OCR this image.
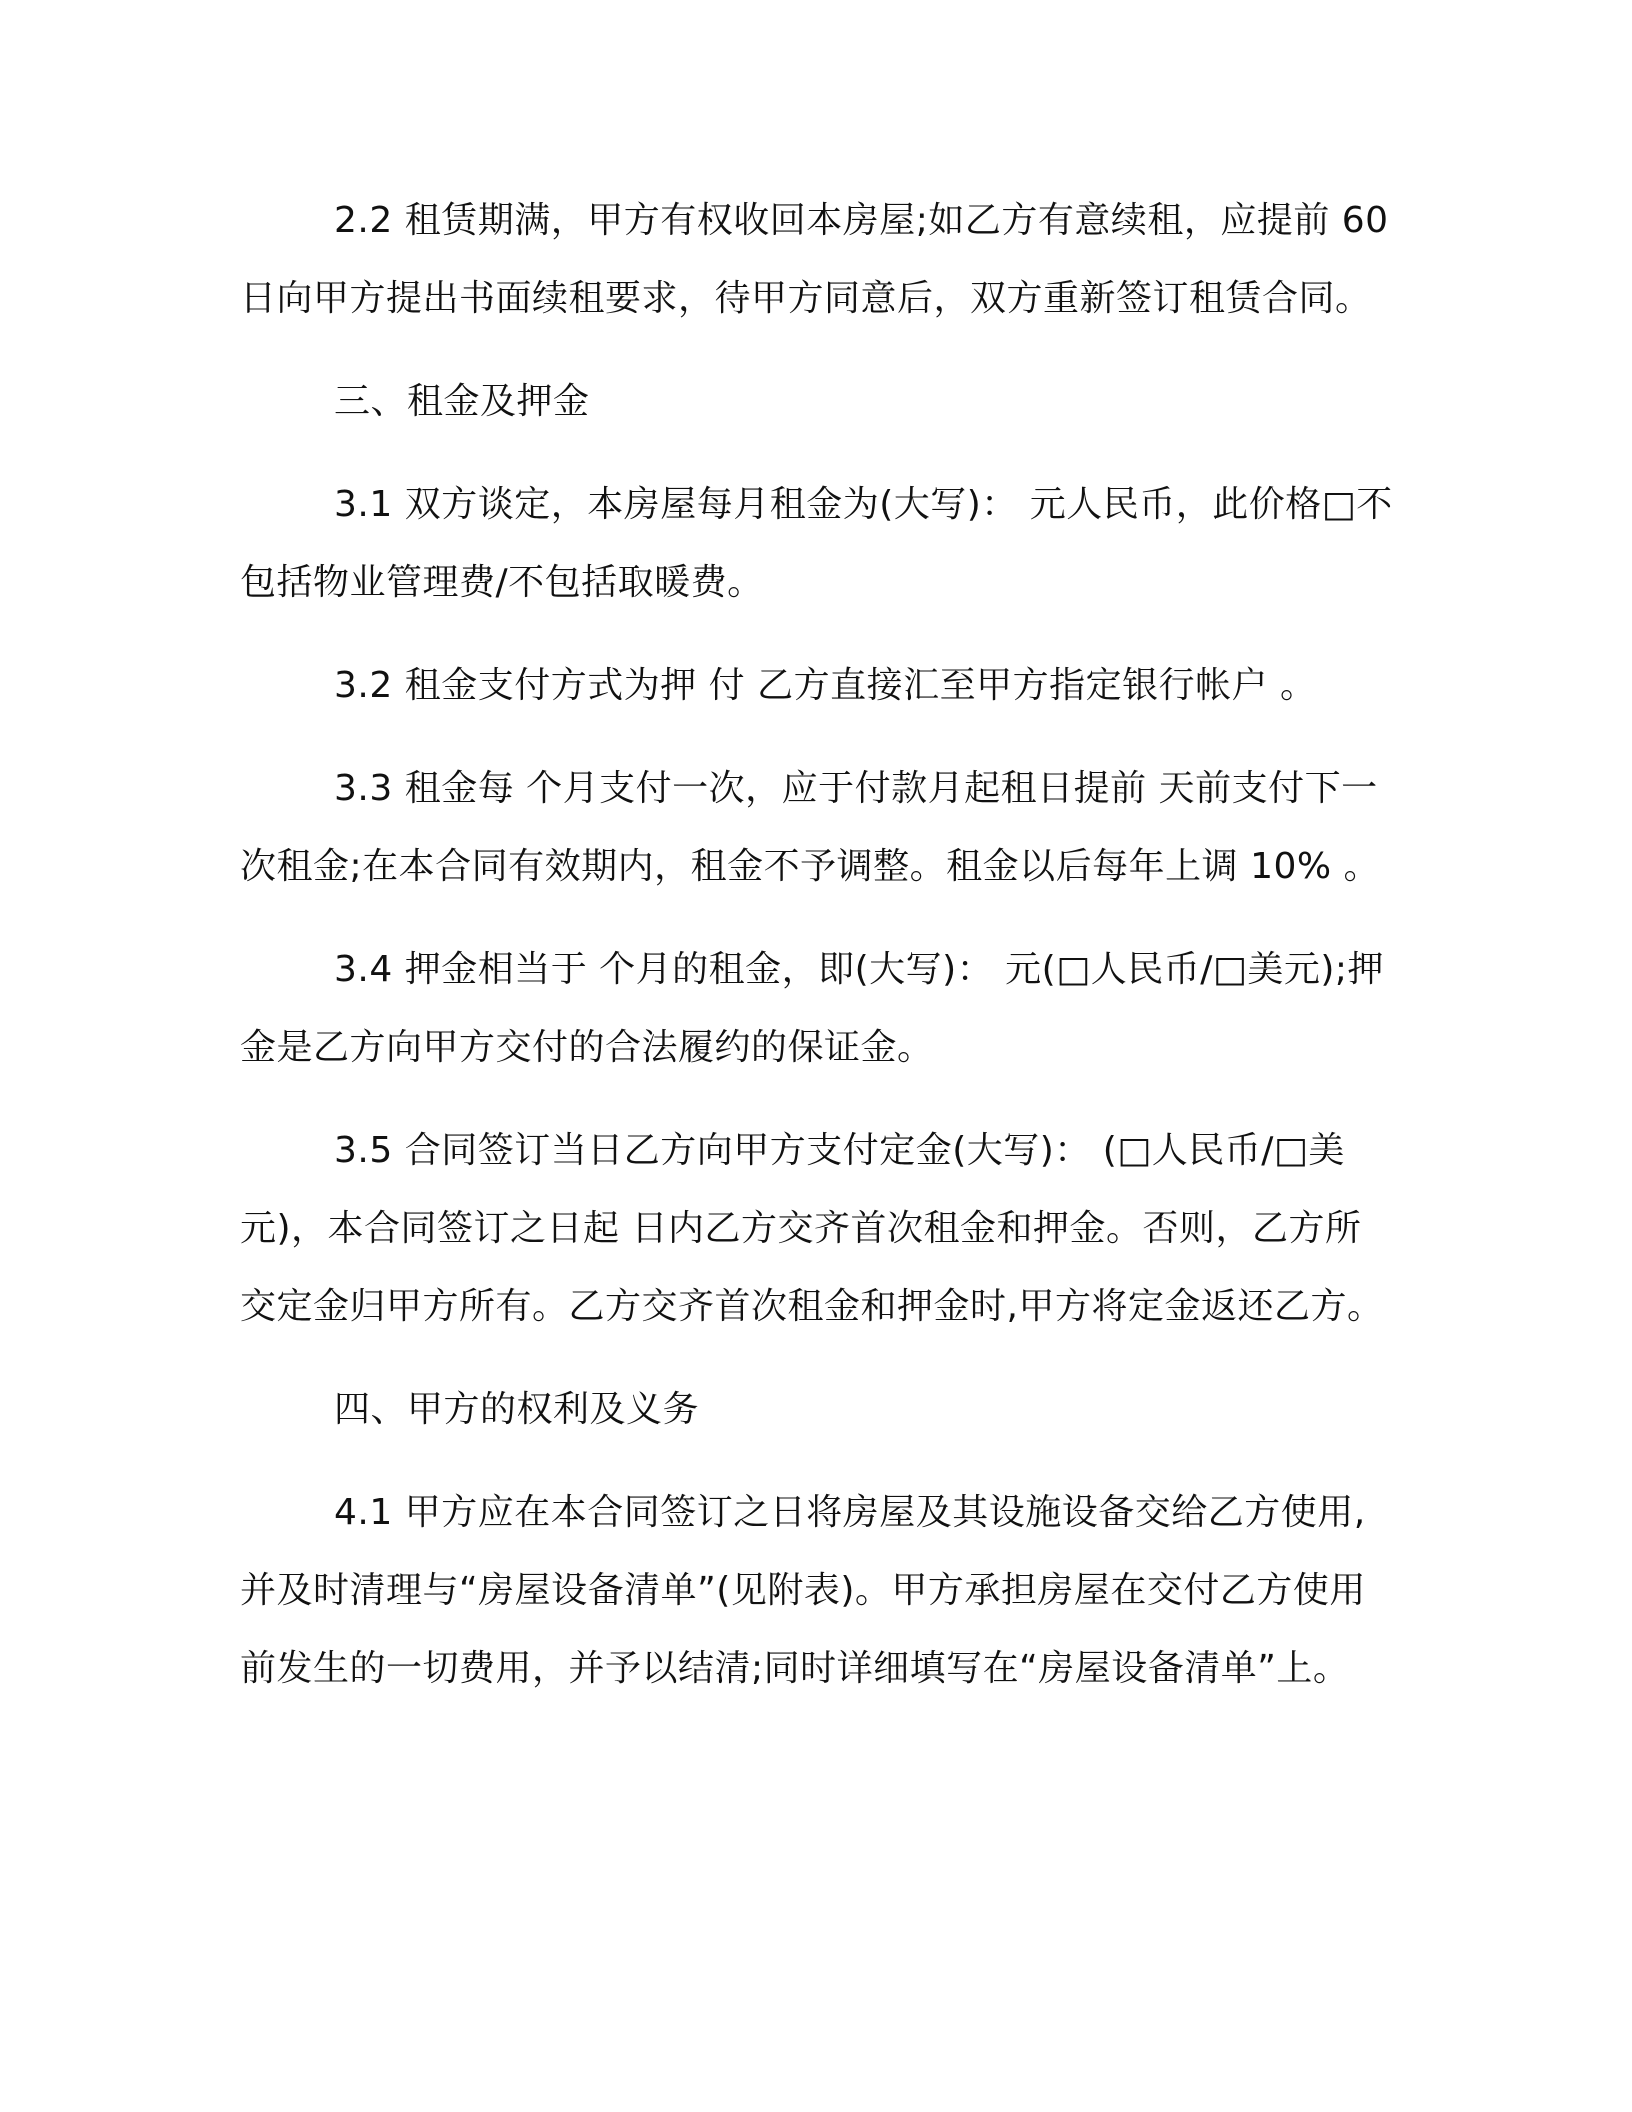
2.2 租赁期满，甲方有权收回本房屋;如乙方有意续租，应提前 60 日向甲方提出书面续租要求，待甲方同意后，双方重新签订租赁合同。

三、租金及押金

3.1 双方谈定，本房屋每月租金为(大写)： 元人民币，此价格□不包括物业管理费/不包括取暖费。

3.2 租金支付方式为押 付 乙方直接汇至甲方指定银行帐户 。

3.3 租金每 个月支付一次，应于付款月起租日提前 天前支付下一次租金;在本合同有效期内，租金不予调整。租金以后每年上调 10% 。

3.4 押金相当于 个月的租金，即(大写)： 元(□人民币/□美元);押金是乙方向甲方交付的合法履约的保证金。

3.5 合同签订当日乙方向甲方支付定金(大写)： (□人民币/□美元)，本合同签订之日起 日内乙方交齐首次租金和押金。否则，乙方所交定金归甲方所有。乙方交齐首次租金和押金时,甲方将定金返还乙方。

四、甲方的权利及义务

4.1 甲方应在本合同签订之日将房屋及其设施设备交给乙方使用,并及时清理与“房屋设备清单”(见附表)。甲方承担房屋在交付乙方使用前发生的一切费用，并予以结清;同时详细填写在“房屋设备清单”上。
